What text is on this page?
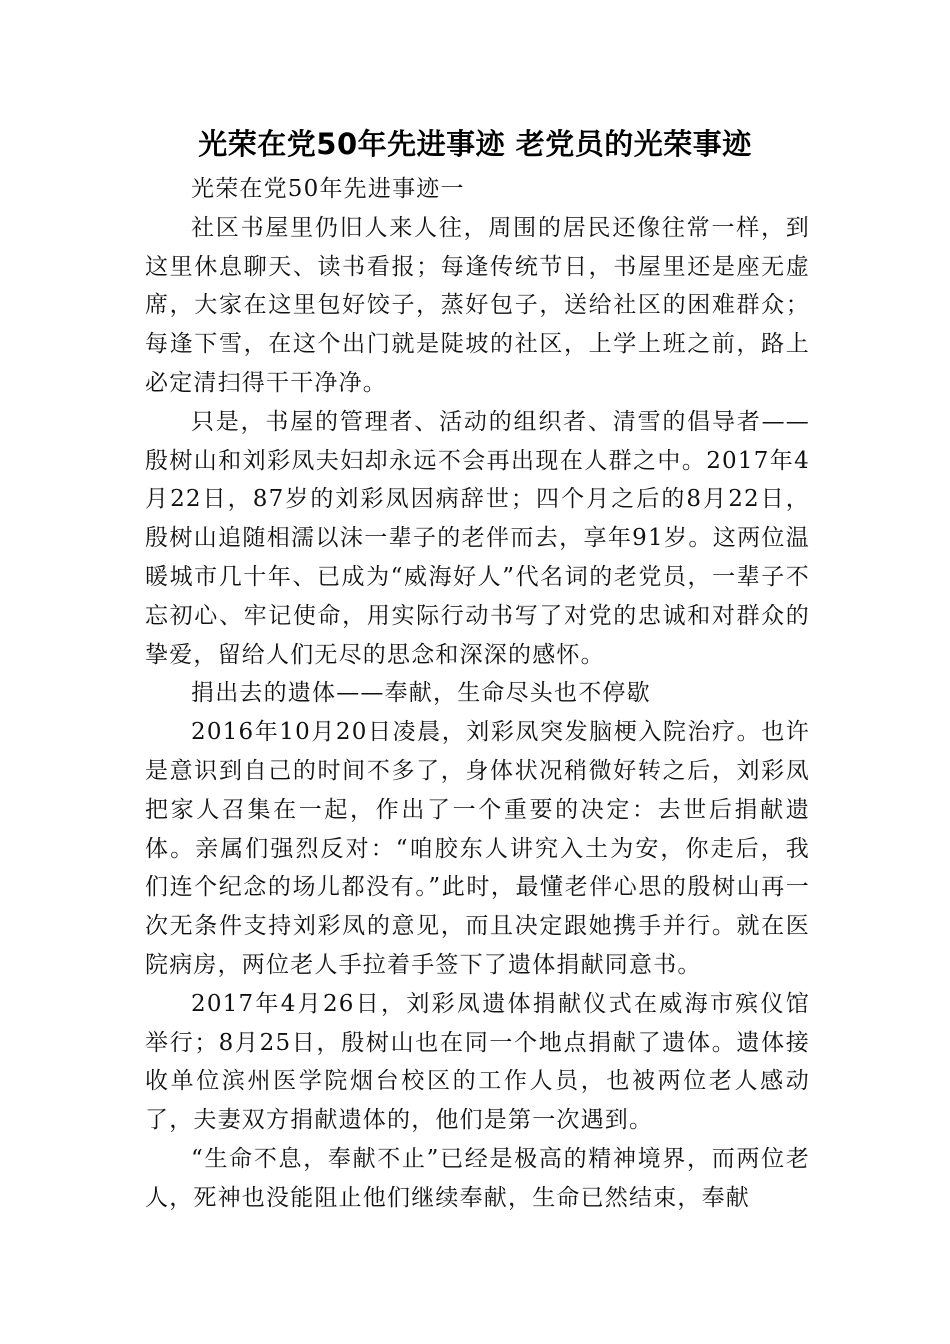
光荣在党50年先进事迹 老党员的光荣事迹

光荣在党50年先进事迹一

社区书屋里仍旧人来人往，周围的居民还像往常一样，到这里休息聊天、读书看报；每逢传统节日，书屋里还是座无虚席，大家在这里包好饺子，蒸好包子，送给社区的困难群众；每逢下雪，在这个出门就是陡坡的社区，上学上班之前，路上必定清扫得干干净净。

只是，书屋的管理者、活动的组织者、清雪的倡导者——殷树山和刘彩凤夫妇却永远不会再出现在人群之中。2017年4月22日，87岁的刘彩凤因病辞世；四个月之后的8月22日，殷树山追随相濡以沫一辈子的老伴而去，享年91岁。这两位温暖城市几十年、已成为“威海好人”代名词的老党员，一辈子不忘初心、牢记使命，用实际行动书写了对党的忠诚和对群众的挚爱，留给人们无尽的思念和深深的感怀。

捐出去的遗体——奉献，生命尽头也不停歇

2016年10月20日凌晨，刘彩凤突发脑梗入院治疗。也许是意识到自己的时间不多了，身体状况稍微好转之后，刘彩凤把家人召集在一起，作出了一个重要的决定：去世后捐献遗体。亲属们强烈反对：“咱胶东人讲究入土为安，你走后，我们连个纪念的场儿都没有。”此时，最懂老伴心思的殷树山再一次无条件支持刘彩凤的意见，而且决定跟她携手并行。就在医院病房，两位老人手拉着手签下了遗体捐献同意书。

2017年4月26日，刘彩凤遗体捐献仪式在威海市殡仪馆举行；8月25日，殷树山也在同一个地点捐献了遗体。遗体接收单位滨州医学院烟台校区的工作人员，也被两位老人感动了，夫妻双方捐献遗体的，他们是第一次遇到。

“生命不息，奉献不止”已经是极高的精神境界，而两位老人，死神也没能阻止他们继续奉献，生命已然结束，奉献
